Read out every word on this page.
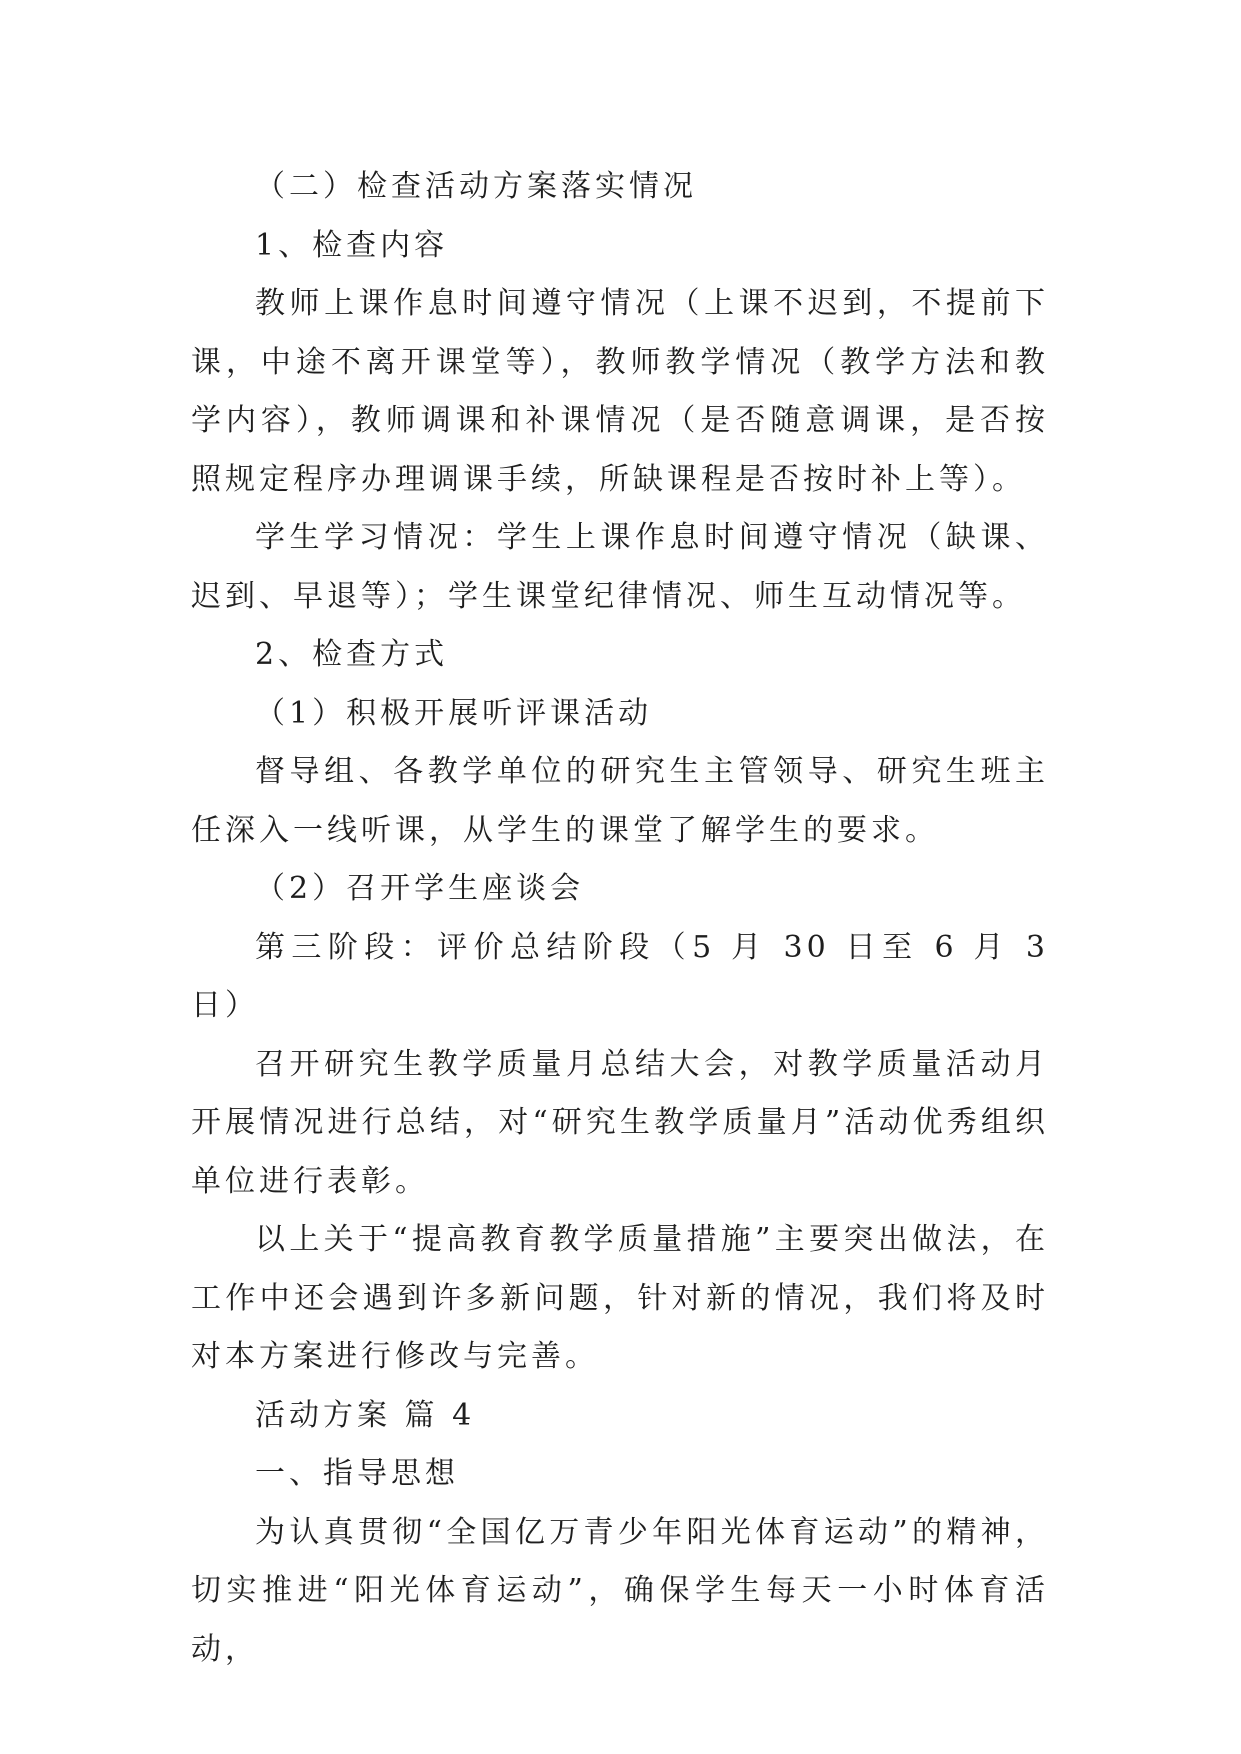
（二）检查活动方案落实情况

1、检查内容

教师上课作息时间遵守情况（上课不迟到，不提前下课，中途不离开课堂等），教师教学情况（教学方法和教学内容），教师调课和补课情况（是否随意调课，是否按照规定程序办理调课手续，所缺课程是否按时补上等）。

学生学习情况：学生上课作息时间遵守情况（缺课、迟到、早退等）；学生课堂纪律情况、师生互动情况等。

2、检查方式

（1）积极开展听评课活动

督导组、各教学单位的研究生主管领导、研究生班主任深入一线听课，从学生的课堂了解学生的要求。

（2）召开学生座谈会

第三阶段：评价总结阶段（5 月 30 日至 6 月 3 日）

召开研究生教学质量月总结大会，对教学质量活动月开展情况进行总结，对“研究生教学质量月”活动优秀组织单位进行表彰。

以上关于“提高教育教学质量措施”主要突出做法，在工作中还会遇到许多新问题，针对新的情况，我们将及时对本方案进行修改与完善。

活动方案 篇 4

一、指导思想

为认真贯彻“全国亿万青少年阳光体育运动”的精神，切实推进“阳光体育运动”，确保学生每天一小时体育活动，
